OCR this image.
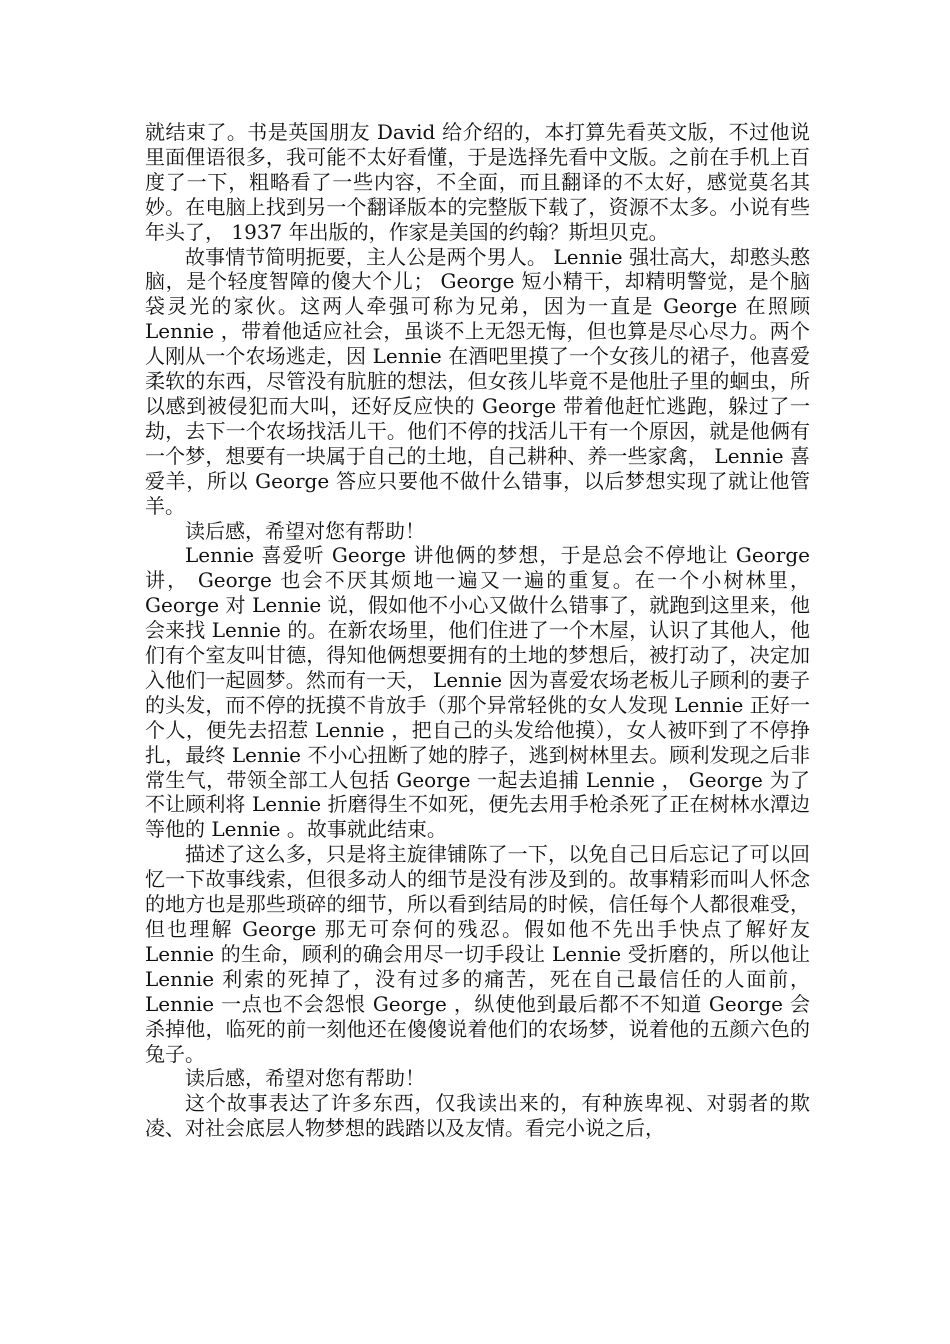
就结束了。书是英国朋友 David 给介绍的，本打算先看英文版，不过他说里面俚语很多，我可能不太好看懂，于是选择先看中文版。之前在手机上百度了一下，粗略看了一些内容，不全面，而且翻译的不太好，感觉莫名其妙。在电脑上找到另一个翻译版本的完整版下载了，资源不太多。小说有些年头了， 1937 年出版的，作家是美国的约翰？斯坦贝克。

故事情节简明扼要，主人公是两个男人。 Lennie 强壮高大，却憨头憨脑，是个轻度智障的傻大个儿； George 短小精干，却精明警觉，是个脑袋灵光的家伙。这两人牵强可称为兄弟，因为一直是 George 在照顾 Lennie ，带着他适应社会，虽谈不上无怨无悔，但也算是尽心尽力。两个人刚从一个农场逃走，因 Lennie 在酒吧里摸了一个女孩儿的裙子，他喜爱柔软的东西，尽管没有肮脏的想法，但女孩儿毕竟不是他肚子里的蛔虫，所以感到被侵犯而大叫，还好反应快的 George 带着他赶忙逃跑，躲过了一劫，去下一个农场找活儿干。他们不停的找活儿干有一个原因，就是他俩有一个梦，想要有一块属于自己的土地，自己耕种、养一些家禽， Lennie 喜爱羊，所以 George 答应只要他不做什么错事，以后梦想实现了就让他管羊。

读后感，希望对您有帮助！

Lennie 喜爱听 George 讲他俩的梦想，于是总会不停地让 George 讲， George 也会不厌其烦地一遍又一遍的重复。在一个小树林里， George 对 Lennie 说，假如他不小心又做什么错事了，就跑到这里来，他会来找 Lennie 的。在新农场里，他们住进了一个木屋，认识了其他人，他们有个室友叫甘德，得知他俩想要拥有的土地的梦想后，被打动了，决定加入他们一起圆梦。然而有一天， Lennie 因为喜爱农场老板儿子顾利的妻子的头发，而不停的抚摸不肯放手（那个异常轻佻的女人发现 Lennie 正好一个人，便先去招惹 Lennie ，把自己的头发给他摸），女人被吓到了不停挣扎，最终 Lennie 不小心扭断了她的脖子，逃到树林里去。顾利发现之后非常生气，带领全部工人包括 George 一起去追捕 Lennie ， George 为了不让顾利将 Lennie 折磨得生不如死，便先去用手枪杀死了正在树林水潭边等他的 Lennie 。故事就此结束。

描述了这么多，只是将主旋律铺陈了一下，以免自己日后忘记了可以回忆一下故事线索，但很多动人的细节是没有涉及到的。故事精彩而叫人怀念的地方也是那些琐碎的细节，所以看到结局的时候，信任每个人都很难受，但也理解 George 那无可奈何的残忍。假如他不先出手快点了解好友 Lennie 的生命，顾利的确会用尽一切手段让 Lennie 受折磨的，所以他让 Lennie 利索的死掉了，没有过多的痛苦，死在自己最信任的人面前， Lennie 一点也不会怨恨 George ，纵使他到最后都不不知道 George 会杀掉他，临死的前一刻他还在傻傻说着他们的农场梦，说着他的五颜六色的兔子。

读后感，希望对您有帮助！

这个故事表达了许多东西，仅我读出来的，有种族卑视、对弱者的欺凌、对社会底层人物梦想的践踏以及友情。看完小说之后，
